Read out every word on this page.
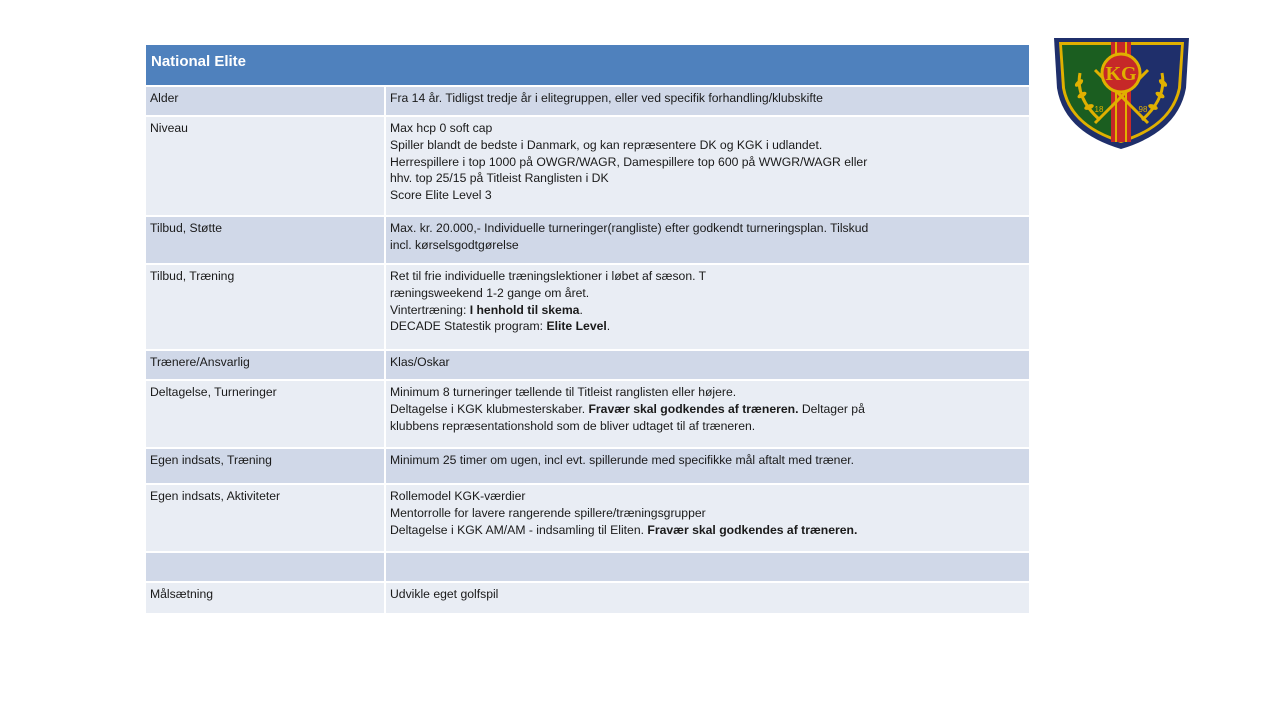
National Elite
Alder	Fra 14 år. Tidligst tredje år i elitegruppen, eller ved specifik forhandling/klubskifte
Niveau	Max hcp 0 soft cap
Spiller blandt de bedste i Danmark, og kan repræsentere DK og KGK i udlandet.
Herrespillere i top 1000 på OWGR/WAGR, Damespillere top 600 på WWGR/WAGR eller
hhv. top 25/15 på Titleist Ranglisten i DK
Score Elite Level 3
Tilbud, Støtte	Max. kr. 20.000,- Individuelle turneringer(rangliste) efter godkendt turneringsplan. Tilskud
incl. kørselsgodtgørelse
Tilbud, Træning	Ret til frie individuelle træningslektioner i løbet af sæson. T
ræningsweekend 1-2 gange om året.
Vintertræning: I henhold til skema.
DECADE Statestik program: Elite Level.
Trænere/Ansvarlig	Klas/Oskar
Deltagelse, Turneringer	Minimum 8 turneringer tællende til Titleist ranglisten eller højere.
Deltagelse i KGK klubmesterskaber. Fravær skal godkendes af træneren. Deltager på
klubbens repræsentationshold som de bliver udtaget til af træneren.
Egen indsats, Træning	Minimum 25 timer om ugen, incl evt. spillerunde med specifikke mål aftalt med træner.
Egen indsats, Aktiviteter	Rollemodel KGK-værdier
Mentorrolle for lavere rangerende spillere/træningsgrupper
Deltagelse i KGK AM/AM - indsamling til Eliten. Fravær skal godkendes af træneren.
Målsætning	Udvikle eget golfspil
KG
18	98
